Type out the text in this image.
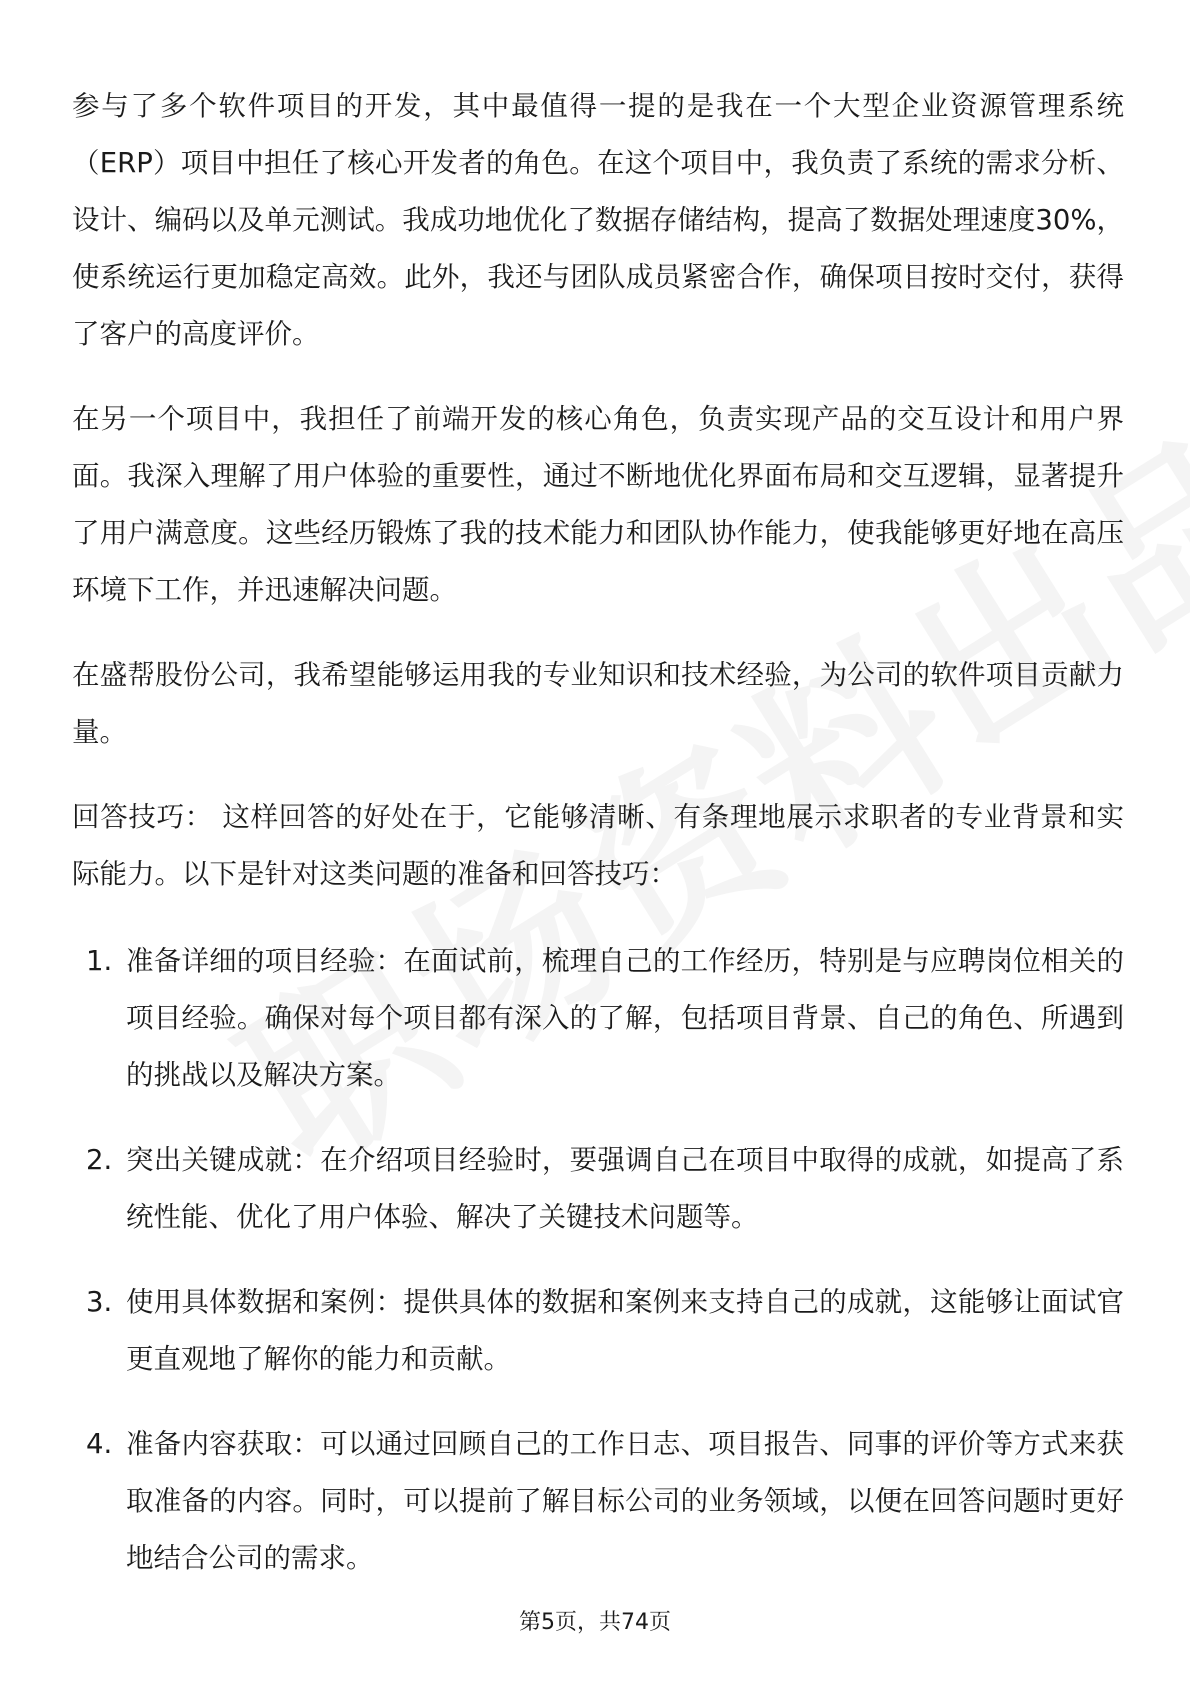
参与了多个软件项目的开发，其中最值得一提的是我在一个大型企业资源管理系统（ERP）项目中担任了核心开发者的角色。在这个项目中，我负责了系统的需求分析、设计、编码以及单元测试。我成功地优化了数据存储结构，提高了数据处理速度30%，使系统运行更加稳定高效。此外，我还与团队成员紧密合作，确保项目按时交付，获得了客户的高度评价。

在另一个项目中，我担任了前端开发的核心角色，负责实现产品的交互设计和用户界面。我深入理解了用户体验的重要性，通过不断地优化界面布局和交互逻辑，显著提升了用户满意度。这些经历锻炼了我的技术能力和团队协作能力，使我能够更好地在高压环境下工作，并迅速解决问题。

在盛帮股份公司，我希望能够运用我的专业知识和技术经验，为公司的软件项目贡献力量。

回答技巧： 这样回答的好处在于，它能够清晰、有条理地展示求职者的专业背景和实际能力。以下是针对这类问题的准备和回答技巧：

1. 准备详细的项目经验：在面试前，梳理自己的工作经历，特别是与应聘岗位相关的项目经验。确保对每个项目都有深入的了解，包括项目背景、自己的角色、所遇到的挑战以及解决方案。
2. 突出关键成就：在介绍项目经验时，要强调自己在项目中取得的成就，如提高了系统性能、优化了用户体验、解决了关键技术问题等。
3. 使用具体数据和案例：提供具体的数据和案例来支持自己的成就，这能够让面试官更直观地了解你的能力和贡献。
4. 准备内容获取：可以通过回顾自己的工作日志、项目报告、同事的评价等方式来获取准备的内容。同时，可以提前了解目标公司的业务领域，以便在回答问题时更好地结合公司的需求。
第5页，共74页
